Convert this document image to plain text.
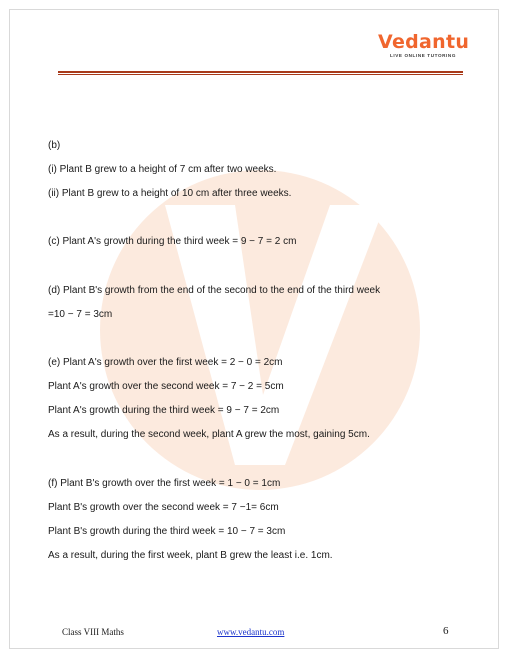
Vedantu
LIVE ONLINE TUTORING
(b)
(i) Plant B grew to a height of 7 cm after two weeks.
(ii) Plant B grew to a height of 10 cm after three weeks.
(c) Plant A's growth during the third week = 9 − 7 = 2 cm
(d) Plant B's growth from the end of the second to the end of the third week
=10 − 7 = 3cm
(e) Plant A's growth over the first week = 2 − 0 = 2cm
Plant A's growth over the second week = 7 − 2 = 5cm
Plant A's growth during the third week = 9 − 7 = 2cm
As a result, during the second week, plant A grew the most, gaining 5cm.
(f) Plant B's growth over the first week = 1 − 0 = 1cm
Plant B's growth over the second week = 7 −1= 6cm
Plant B's growth during the third week = 10 − 7 = 3cm
As a result, during the first week, plant B grew the least i.e. 1cm.
Class VIII Maths	www.vedantu.com	6
